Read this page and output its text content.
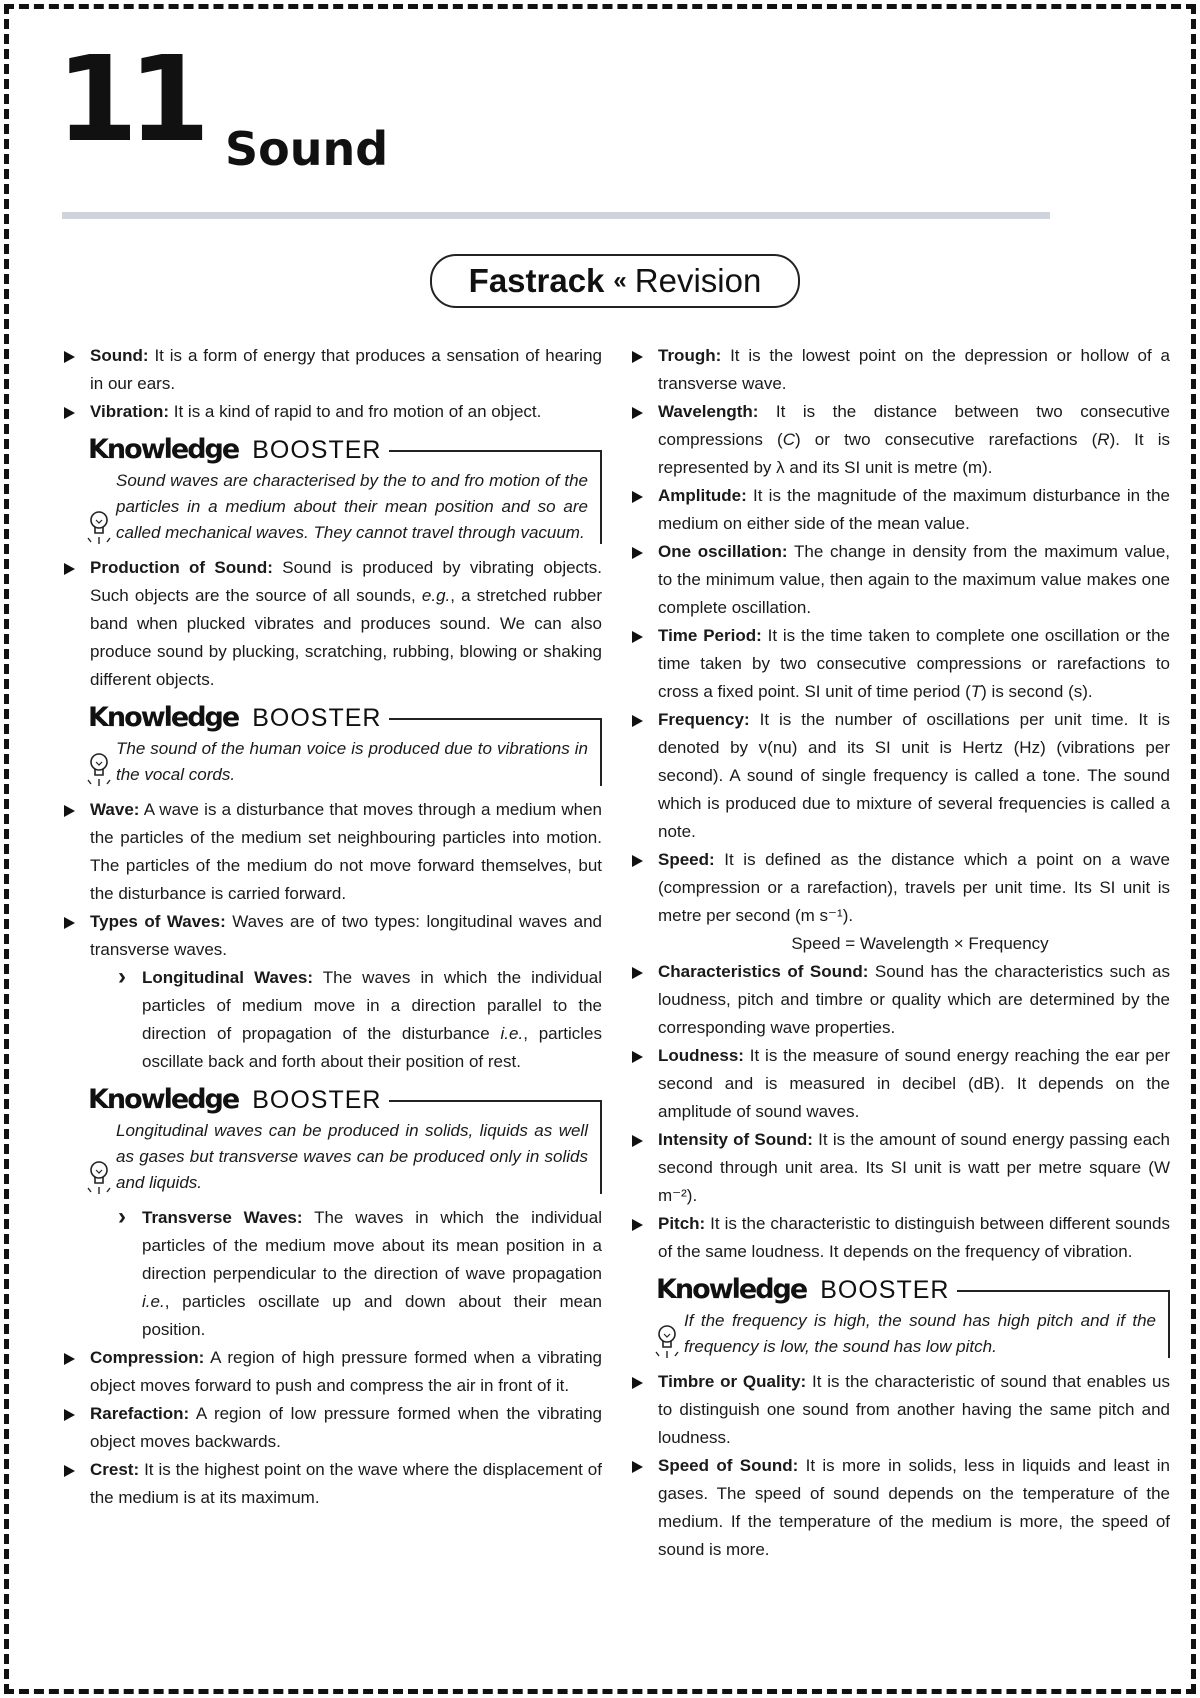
11 Sound
Fastrack « Revision
Sound: It is a form of energy that produces a sensation of hearing in our ears.
Vibration: It is a kind of rapid to and fro motion of an object.
Knowledge BOOSTER
Sound waves are characterised by the to and fro motion of the particles in a medium about their mean position and so are called mechanical waves. They cannot travel through vacuum.
Production of Sound: Sound is produced by vibrating objects. Such objects are the source of all sounds, e.g., a stretched rubber band when plucked vibrates and produces sound. We can also produce sound by plucking, scratching, rubbing, blowing or shaking different objects.
Knowledge BOOSTER
The sound of the human voice is produced due to vibrations in the vocal cords.
Wave: A wave is a disturbance that moves through a medium when the particles of the medium set neighbouring particles into motion. The particles of the medium do not move forward themselves, but the disturbance is carried forward.
Types of Waves: Waves are of two types: longitudinal waves and transverse waves.
› Longitudinal Waves: The waves in which the individual particles of medium move in a direction parallel to the direction of propagation of the disturbance i.e., particles oscillate back and forth about their position of rest.
Knowledge BOOSTER
Longitudinal waves can be produced in solids, liquids as well as gases but transverse waves can be produced only in solids and liquids.
› Transverse Waves: The waves in which the individual particles of the medium move about its mean position in a direction perpendicular to the direction of wave propagation i.e., particles oscillate up and down about their mean position.
Compression: A region of high pressure formed when a vibrating object moves forward to push and compress the air in front of it.
Rarefaction: A region of low pressure formed when the vibrating object moves backwards.
Crest: It is the highest point on the wave where the displacement of the medium is at its maximum.
Trough: It is the lowest point on the depression or hollow of a transverse wave.
Wavelength: It is the distance between two consecutive compressions (C) or two consecutive rarefactions (R). It is represented by λ and its SI unit is metre (m).
Amplitude: It is the magnitude of the maximum disturbance in the medium on either side of the mean value.
One oscillation: The change in density from the maximum value, to the minimum value, then again to the maximum value makes one complete oscillation.
Time Period: It is the time taken to complete one oscillation or the time taken by two consecutive compressions or rarefactions to cross a fixed point. SI unit of time period (T) is second (s).
Frequency: It is the number of oscillations per unit time. It is denoted by ν(nu) and its SI unit is Hertz (Hz) (vibrations per second). A sound of single frequency is called a tone. The sound which is produced due to mixture of several frequencies is called a note.
Speed: It is defined as the distance which a point on a wave (compression or a rarefaction), travels per unit time. Its SI unit is metre per second (m s⁻¹).
Speed = Wavelength × Frequency
Characteristics of Sound: Sound has the characteristics such as loudness, pitch and timbre or quality which are determined by the corresponding wave properties.
Loudness: It is the measure of sound energy reaching the ear per second and is measured in decibel (dB). It depends on the amplitude of sound waves.
Intensity of Sound: It is the amount of sound energy passing each second through unit area. Its SI unit is watt per metre square (W m⁻²).
Pitch: It is the characteristic to distinguish between different sounds of the same loudness. It depends on the frequency of vibration.
Knowledge BOOSTER
If the frequency is high, the sound has high pitch and if the frequency is low, the sound has low pitch.
Timbre or Quality: It is the characteristic of sound that enables us to distinguish one sound from another having the same pitch and loudness.
Speed of Sound: It is more in solids, less in liquids and least in gases. The speed of sound depends on the temperature of the medium. If the temperature of the medium is more, the speed of sound is more.
